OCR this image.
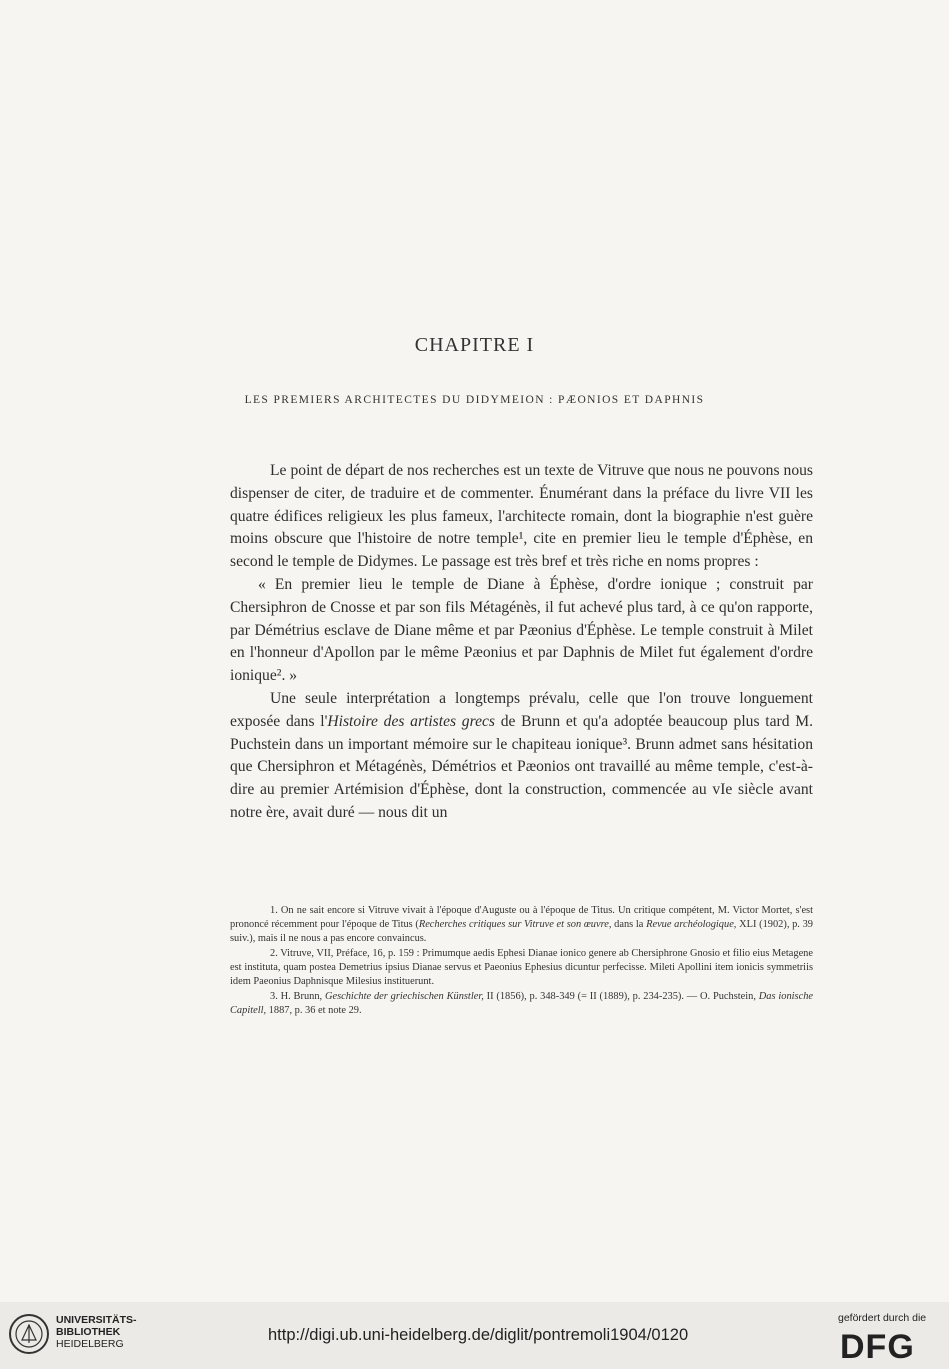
CHAPITRE I
LES PREMIERS ARCHITECTES DU DIDYMEION : PÆONIOS ET DAPHNIS

Le point de départ de nos recherches est un texte de Vitruve que nous ne pouvons nous dispenser de citer, de traduire et de commenter. Énumérant dans la préface du livre VII les quatre édifices religieux les plus fameux, l'architecte romain, dont la biographie n'est guère moins obscure que l'histoire de notre temple¹, cite en premier lieu le temple d'Éphèse, en second le temple de Didymes. Le passage est très bref et très riche en noms propres :

« En premier lieu le temple de Diane à Éphèse, d'ordre ionique ; construit par Chersiphron de Cnosse et par son fils Métagénès, il fut achevé plus tard, à ce qu'on rapporte, par Démétrius esclave de Diane même et par Pæonius d'Éphèse. Le temple construit à Milet en l'honneur d'Apollon par le même Pæonius et par Daphnis de Milet fut également d'ordre ionique². »

Une seule interprétation a longtemps prévalu, celle que l'on trouve longuement exposée dans l'Histoire des artistes grecs de Brunn et qu'a adoptée beaucoup plus tard M. Puchstein dans un important mémoire sur le chapiteau ionique³. Brunn admet sans hésitation que Chersiphron et Métagénès, Démétrios et Pæonios ont travaillé au même temple, c'est-à-dire au premier Artémision d'Éphèse, dont la construction, commencée au vIe siècle avant notre ère, avait duré — nous dit un

1. On ne sait encore si Vitruve vivait à l'époque d'Auguste ou à l'époque de Titus. Un critique compétent, M. Victor Mortet, s'est prononcé récemment pour l'époque de Titus (Recherches critiques sur Vitruve et son œuvre, dans la Revue archéologique, XLI (1902), p. 39 suiv.), mais il ne nous a pas encore convaincus.

2. Vitruve, VII, Préface, 16, p. 159 : Primumque aedis Ephesi Dianae ionico genere ab Chersiphrone Gnosio et filio eius Metagene est instituta, quam postea Demetrius ipsius Dianae servus et Paeonius Ephesius dicuntur perfecisse. Mileti Apollini item ionicis symmetriis idem Paeonius Daphnisque Milesius instituerunt.

3. H. Brunn, Geschichte der griechischen Künstler, II (1856), p. 348-349 (= II (1889), p. 234-235). — O. Puchstein, Das ionische Capitell, 1887, p. 36 et note 29.

UNIVERSITÄTS-
BIBLIOTHEK
HEIDELBERG	http://digi.ub.uni-heidelberg.de/diglit/pontremoli1904/0120
gefördert durch die
DFG
